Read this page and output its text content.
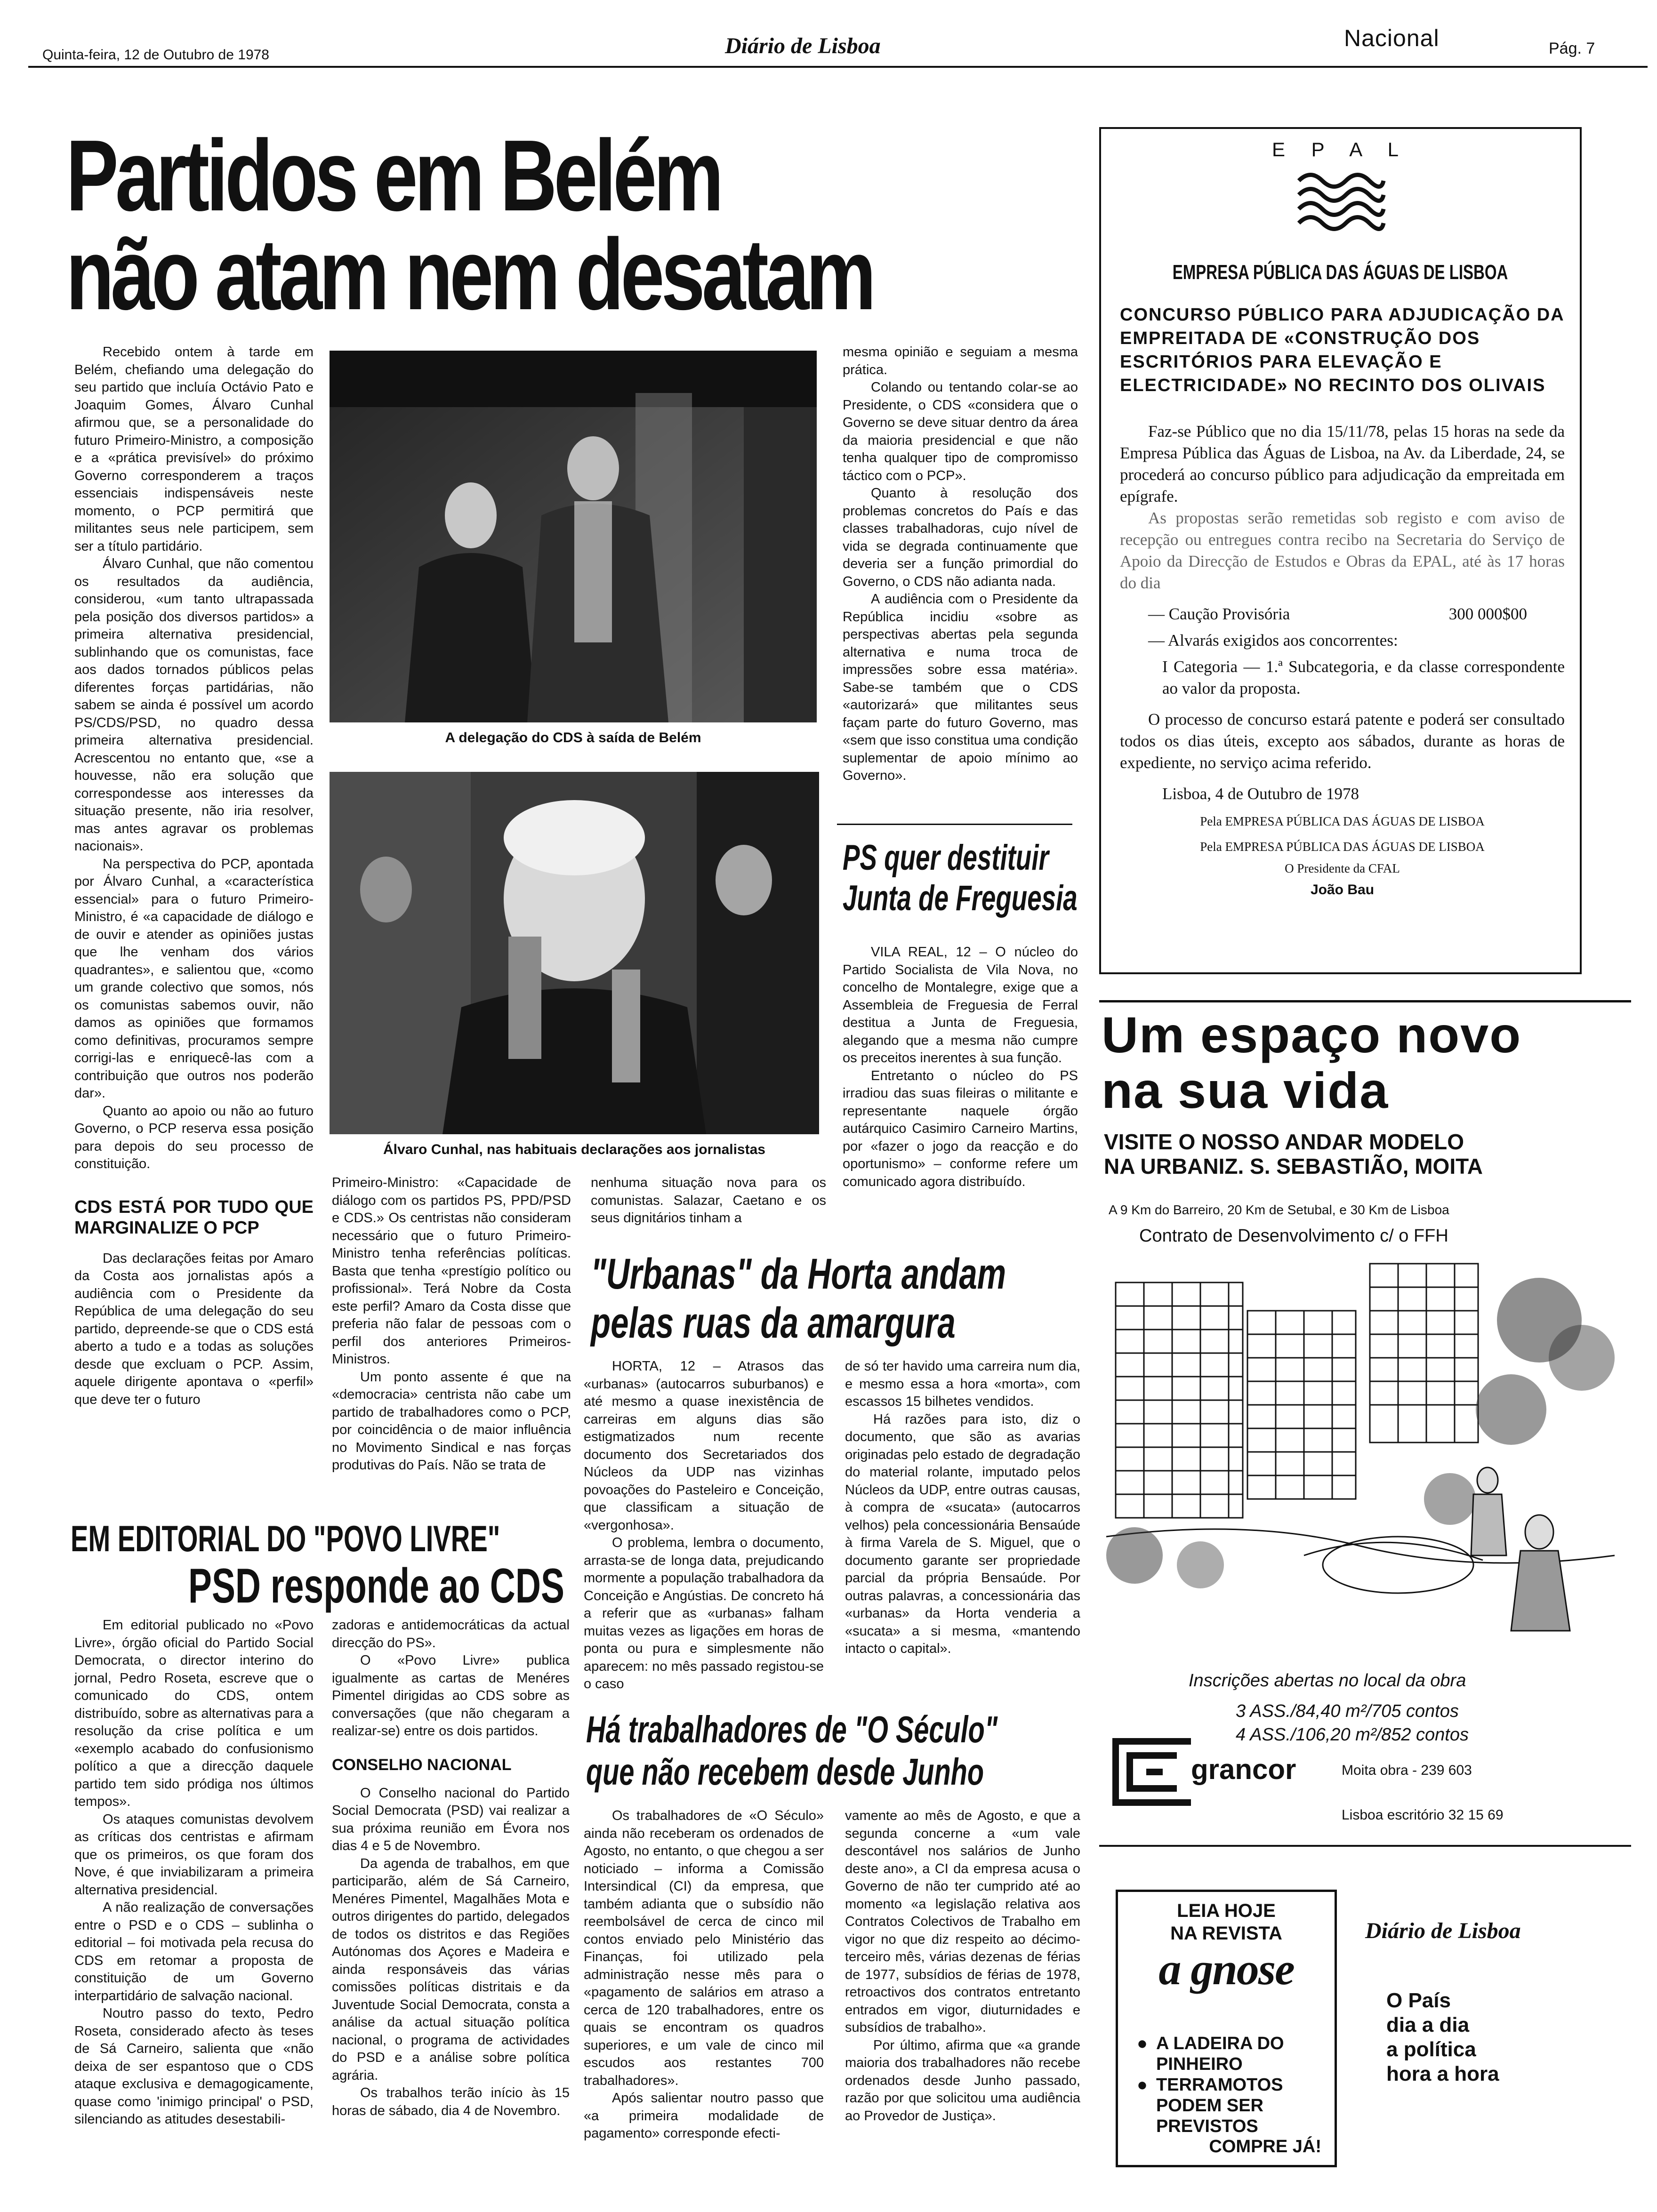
Quinta-feira, 12 de Outubro de 1978	Diário de Lisboa	Nacional	Pág. 7
Partidos em Belém
não atam nem desatam

Recebido ontem à tarde em Belém, chefiando uma delegação do seu partido que incluía Octávio Pato e Joaquim Gomes, Álvaro Cunhal afirmou que, se a personalidade do futuro Primeiro-Ministro, a composição e a «prática previsível» do próximo Governo corresponderem a traços essenciais indispensáveis neste momento, o PCP permitirá que militantes seus nele participem, sem ser a título partidário.

Álvaro Cunhal, que não comentou os resultados da audiência, considerou, «um tanto ultrapassada pela posição dos diversos partidos» a primeira alternativa presidencial, sublinhando que os comunistas, face aos dados tornados públicos pelas diferentes forças partidárias, não sabem se ainda é possível um acordo PS/CDS/PSD, no quadro dessa primeira alternativa presidencial. Acrescentou no entanto que, «se a houvesse, não era solução que correspondesse aos interesses da situação presente, não iria resolver, mas antes agravar os problemas nacionais».

Na perspectiva do PCP, apontada por Álvaro Cunhal, a «característica essencial» para o futuro Primeiro-Ministro, é «a capacidade de diálogo e de ouvir e atender as opiniões justas que lhe venham dos vários quadrantes», e salientou que, «como um grande colectivo que somos, nós os comunistas sabemos ouvir, não damos as opiniões que formamos como definitivas, procuramos sempre corrigi-las e enriquecê-las com a contribuição que outros nos poderão dar».

Quanto ao apoio ou não ao futuro Governo, o PCP reserva essa posição para depois do seu processo de constituição.

CDS ESTÁ POR TUDO QUE MARGINALIZE O PCP

Das declarações feitas por Amaro da Costa aos jornalistas após a audiência com o Presidente da República de uma delegação do seu partido, depreende-se que o CDS está aberto a tudo e a todas as soluções desde que excluam o PCP. Assim, aquele dirigente apontava o «perfil» que deve ter o futuro

A delegação do CDS à saída de Belém
Álvaro Cunhal, nas habituais declarações aos jornalistas

Primeiro-Ministro: «Capacidade de diálogo com os partidos PS, PPD/PSD e CDS.» Os centristas não consideram necessário que o futuro Primeiro-Ministro tenha referências políticas. Basta que tenha «prestígio político ou profissional». Terá Nobre da Costa este perfil? Amaro da Costa disse que preferia não falar de pessoas com o perfil dos anteriores Primeiros-Ministros.

Um ponto assente é que na «democracia» centrista não cabe um partido de trabalhadores como o PCP, por coincidência o de maior influência no Movimento Sindical e nas forças produtivas do País. Não se trata de

mesma opinião e seguiam a mesma prática.

Colando ou tentando colar-se ao Presidente, o CDS «considera que o Governo se deve situar dentro da área da maioria presidencial e que não tenha qualquer tipo de compromisso táctico com o PCP».

Quanto à resolução dos problemas concretos do País e das classes trabalhadoras, cujo nível de vida se degrada continuamente que deveria ser a função primordial do Governo, o CDS não adianta nada.

A audiência com o Presidente da República incidiu «sobre as perspectivas abertas pela segunda alternativa e numa troca de impressões sobre essa matéria». Sabe-se também que o CDS «autorizará» que militantes seus façam parte do futuro Governo, mas «sem que isso constitua uma condição suplementar de apoio mínimo ao Governo».

nenhuma situação nova para os comunistas. Salazar, Caetano e os seus dignitários tinham a

PS quer destituir
Junta de Freguesia

VILA REAL, 12 – O núcleo do Partido Socialista de Vila Nova, no concelho de Montalegre, exige que a Assembleia de Freguesia de Ferral destitua a Junta de Freguesia, alegando que a mesma não cumpre os preceitos inerentes à sua função.

Entretanto o núcleo do PS irradiou das suas fileiras o militante e representante naquele órgão autárquico Casimiro Carneiro Martins, por «fazer o jogo da reacção e do oportunismo» – conforme refere um comunicado agora distribuído.

"Urbanas" da Horta andam
pelas ruas da amargura

HORTA, 12 – Atrasos das «urbanas» (autocarros suburbanos) e até mesmo a quase inexistência de carreiras em alguns dias são estigmatizados num recente documento dos Secretariados dos Núcleos da UDP nas vizinhas povoações do Pasteleiro e Conceição, que classificam a situação de «vergonhosa».

O problema, lembra o documento, arrasta-se de longa data, prejudicando mormente a população trabalhadora da Conceição e Angústias. De concreto há a referir que as «urbanas» falham muitas vezes as ligações em horas de ponta ou pura e simplesmente não aparecem: no mês passado registou-se o caso

de só ter havido uma carreira num dia, e mesmo essa a hora «morta», com escassos 15 bilhetes vendidos.

Há razões para isto, diz o documento, que são as avarias originadas pelo estado de degradação do material rolante, imputado pelos Núcleos da UDP, entre outras causas, à compra de «sucata» (autocarros velhos) pela concessionária Bensaúde à firma Varela de S. Miguel, que o documento garante ser propriedade parcial da própria Bensaúde. Por outras palavras, a concessionária das «urbanas» da Horta venderia a «sucata» a si mesma, «mantendo intacto o capital».

EM EDITORIAL DO "POVO LIVRE"
PSD responde ao CDS

Em editorial publicado no «Povo Livre», órgão oficial do Partido Social Democrata, o director interino do jornal, Pedro Roseta, escreve que o comunicado do CDS, ontem distribuído, sobre as alternativas para a resolução da crise política e um «exemplo acabado do confusionismo político a que a direcção daquele partido tem sido pródiga nos últimos tempos».

Os ataques comunistas devolvem as críticas dos centristas e afirmam que os primeiros, os que foram dos Nove, é que inviabilizaram a primeira alternativa presidencial.

A não realização de conversações entre o PSD e o CDS – sublinha o editorial – foi motivada pela recusa do CDS em retomar a proposta de constituição de um Governo interpartidário de salvação nacional.

Noutro passo do texto, Pedro Roseta, considerado afecto às teses de Sá Carneiro, salienta que «não deixa de ser espantoso que o CDS ataque exclusiva e demagogicamente, quase como 'inimigo principal' o PSD, silenciando as atitudes desestabili-

zadoras e antidemocráticas da actual direcção do PS».

O «Povo Livre» publica igualmente as cartas de Menéres Pimentel dirigidas ao CDS sobre as conversações (que não chegaram a realizar-se) entre os dois partidos.

CONSELHO NACIONAL

O Conselho nacional do Partido Social Democrata (PSD) vai realizar a sua próxima reunião em Évora nos dias 4 e 5 de Novembro.

Da agenda de trabalhos, em que participarão, além de Sá Carneiro, Menéres Pimentel, Magalhães Mota e outros dirigentes do partido, delegados de todos os distritos e das Regiões Autónomas dos Açores e Madeira e ainda responsáveis das várias comissões políticas distritais e da Juventude Social Democrata, consta a análise da actual situação política nacional, o programa de actividades do PSD e a análise sobre política agrária.

Os trabalhos terão início às 15 horas de sábado, dia 4 de Novembro.

Há trabalhadores de "O Século"
que não recebem desde Junho

Os trabalhadores de «O Século» ainda não receberam os ordenados de Agosto, no entanto, o que chegou a ser noticiado – informa a Comissão Intersindical (CI) da empresa, que também adianta que o subsídio não reembolsável de cerca de cinco mil contos enviado pelo Ministério das Finanças, foi utilizado pela administração nesse mês para o «pagamento de salários em atraso a cerca de 120 trabalhadores, entre os quais se encontram os quadros superiores, e um vale de cinco mil escudos aos restantes 700 trabalhadores».

Após salientar noutro passo que «a primeira modalidade de pagamento» corresponde efecti-

vamente ao mês de Agosto, e que a segunda concerne a «um vale descontável nos salários de Junho deste ano», a CI da empresa acusa o Governo de não ter cumprido até ao momento «a legislação relativa aos Contratos Colectivos de Trabalho em vigor no que diz respeito ao décimo-terceiro mês, várias dezenas de férias de 1977, subsídios de férias de 1978, retroactivos dos contratos entretanto entrados em vigor, diuturnidades e subsídios de trabalho».

Por último, afirma que «a grande maioria dos trabalhadores não recebe ordenados desde Junho passado, razão por que solicitou uma audiência ao Provedor de Justiça».

E P A L
EMPRESA PÚBLICA DAS ÁGUAS DE LISBOA
CONCURSO PÚBLICO PARA ADJUDICAÇÃO DA EMPREITADA DE «CONSTRUÇÃO DOS ESCRITÓRIOS PARA ELEVAÇÃO E ELECTRICIDADE» NO RECINTO DOS OLIVAIS

Faz-se Público que no dia 15/11/78, pelas 15 horas na sede da Empresa Pública das Águas de Lisboa, na Av. da Liberdade, 24, se procederá ao concurso público para adjudicação da empreitada em epígrafe.

As propostas serão remetidas sob registo e com aviso de recepção ou entregues contra recibo na Secretaria do Serviço de Apoio da Direcção de Estudos e Obras da EPAL, até às 17 horas do dia

— Caução Provisória	300 000$00
— Alvarás exigidos aos concorrentes:
I Categoria — 1.ª Subcategoria, e da classe correspondente ao valor da proposta.

O processo de concurso estará patente e poderá ser consultado todos os dias úteis, excepto aos sábados, durante as horas de expediente, no serviço acima referido.

Lisboa, 4 de Outubro de 1978
Pela EMPRESA PÚBLICA DAS ÁGUAS DE LISBOA
Pela EMPRESA PÚBLICA DAS ÁGUAS DE LISBOA
O Presidente da CFAL
João Bau
Um espaço novo
na sua vida
VISITE O NOSSO ANDAR MODELO
NA URBANIZ. S. SEBASTIÃO, MOITA
A 9 Km do Barreiro, 20 Km de Setubal, e 30 Km de Lisboa
Contrato de Desenvolvimento c/ o FFH
Inscrições abertas no local da obra
3 ASS./84,40 m²/705 contos
4 ASS./106,20 m²/852 contos
grancor	Moita obra - 239 603
Lisboa escritório 32 15 69
LEIA HOJE
NA REVISTA
a gnose
● A LADEIRA DO PINHEIRO
● TERRAMOTOS PODEM SER PREVISTOS
COMPRE JÁ!
Diário de Lisboa
O País
dia a dia
a política
hora a hora
